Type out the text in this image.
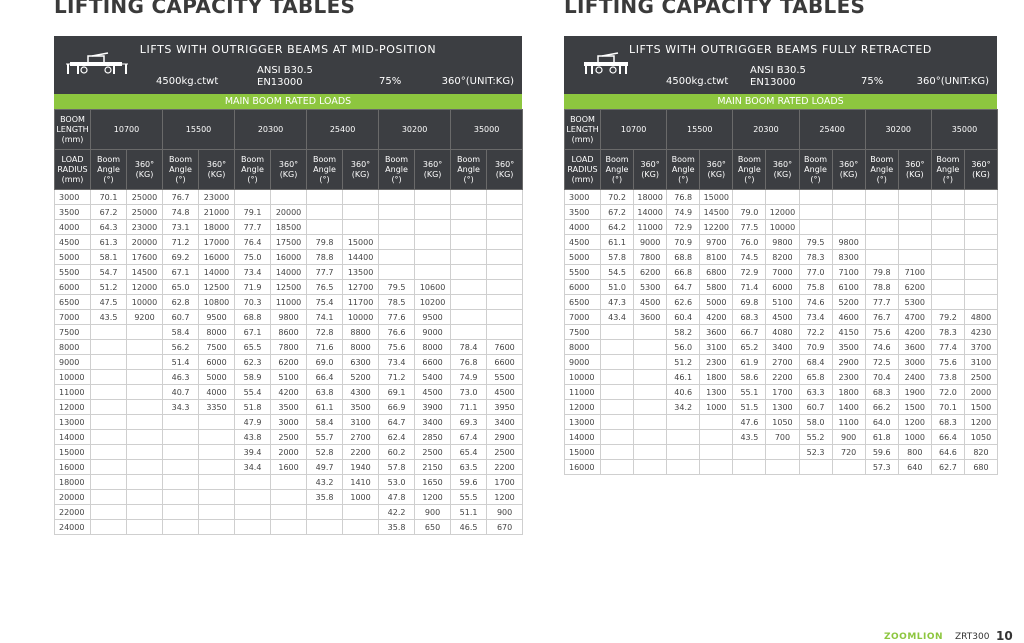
LIFTING CAPACITY TABLES
LIFTS WITH OUTRIGGER BEAMS AT MID-POSITION
4500kg.ctwt
ANSI B30.5
EN13000	75%	360°(UNIT:KG)
MAIN BOOM RATED LOADS
BOOM LENGTH (mm)	10700		15500		20300		25400		30200		35000	
LOAD RADIUS (mm)	Boom Angle (°)	360° (KG)	Boom Angle (°)	360° (KG)	Boom Angle (°)	360° (KG)	Boom Angle (°)	360° (KG)	Boom Angle (°)	360° (KG)	Boom Angle (°)	360° (KG)
3000	70.1	25000	76.7	23000								
3500	67.2	25000	74.8	21000	79.1	20000						
4000	64.3	23000	73.1	18000	77.7	18500						
4500	61.3	20000	71.2	17000	76.4	17500	79.8	15000				
5000	58.1	17600	69.2	16000	75.0	16000	78.8	14400				
5500	54.7	14500	67.1	14000	73.4	14000	77.7	13500				
6000	51.2	12000	65.0	12500	71.9	12500	76.5	12700	79.5	10600		
6500	47.5	10000	62.8	10800	70.3	11000	75.4	11700	78.5	10200		
7000	43.5	9200	60.7	9500	68.8	9800	74.1	10000	77.6	9500		
7500			58.4	8000	67.1	8600	72.8	8800	76.6	9000		
8000			56.2	7500	65.5	7800	71.6	8000	75.6	8000	78.4	7600
9000			51.4	6000	62.3	6200	69.0	6300	73.4	6600	76.8	6600
10000			46.3	5000	58.9	5100	66.4	5200	71.2	5400	74.9	5500
11000			40.7	4000	55.4	4200	63.8	4300	69.1	4500	73.0	4500
12000			34.3	3350	51.8	3500	61.1	3500	66.9	3900	71.1	3950
13000					47.9	3000	58.4	3100	64.7	3400	69.3	3400
14000					43.8	2500	55.7	2700	62.4	2850	67.4	2900
15000					39.4	2000	52.8	2200	60.2	2500	65.4	2500
16000					34.4	1600	49.7	1940	57.8	2150	63.5	2200
18000							43.2	1410	53.0	1650	59.6	1700
20000							35.8	1000	47.8	1200	55.5	1200
22000									42.2	900	51.1	900
24000									35.8	650	46.5	670
LIFTING CAPACITY TABLES
LIFTS WITH OUTRIGGER BEAMS FULLY RETRACTED
4500kg.ctwt
ANSI B30.5
EN13000	75%	360°(UNIT:KG)
MAIN BOOM RATED LOADS
BOOM LENGTH (mm)	10700		15500		20300		25400		30200		35000	
LOAD RADIUS (mm)	Boom Angle (°)	360° (KG)	Boom Angle (°)	360° (KG)	Boom Angle (°)	360° (KG)	Boom Angle (°)	360° (KG)	Boom Angle (°)	360° (KG)	Boom Angle (°)	360° (KG)
3000	70.2	18000	76.8	15000								
3500	67.2	14000	74.9	14500	79.0	12000						
4000	64.2	11000	72.9	12200	77.5	10000						
4500	61.1	9000	70.9	9700	76.0	9800	79.5	9800				
5000	57.8	7800	68.8	8100	74.5	8200	78.3	8300				
5500	54.5	6200	66.8	6800	72.9	7000	77.0	7100	79.8	7100		
6000	51.0	5300	64.7	5800	71.4	6000	75.8	6100	78.8	6200		
6500	47.3	4500	62.6	5000	69.8	5100	74.6	5200	77.7	5300		
7000	43.4	3600	60.4	4200	68.3	4500	73.4	4600	76.7	4700	79.2	4800
7500			58.2	3600	66.7	4080	72.2	4150	75.6	4200	78.3	4230
8000			56.0	3100	65.2	3400	70.9	3500	74.6	3600	77.4	3700
9000			51.2	2300	61.9	2700	68.4	2900	72.5	3000	75.6	3100
10000			46.1	1800	58.6	2200	65.8	2300	70.4	2400	73.8	2500
11000			40.6	1300	55.1	1700	63.3	1800	68.3	1900	72.0	2000
12000			34.2	1000	51.5	1300	60.7	1400	66.2	1500	70.1	1500
13000					47.6	1050	58.0	1100	64.0	1200	68.3	1200
14000					43.5	700	55.2	900	61.8	1000	66.4	1050
15000							52.3	720	59.6	800	64.6	820
16000									57.3	640	62.7	680
ZOOMLION ZRT300 10
